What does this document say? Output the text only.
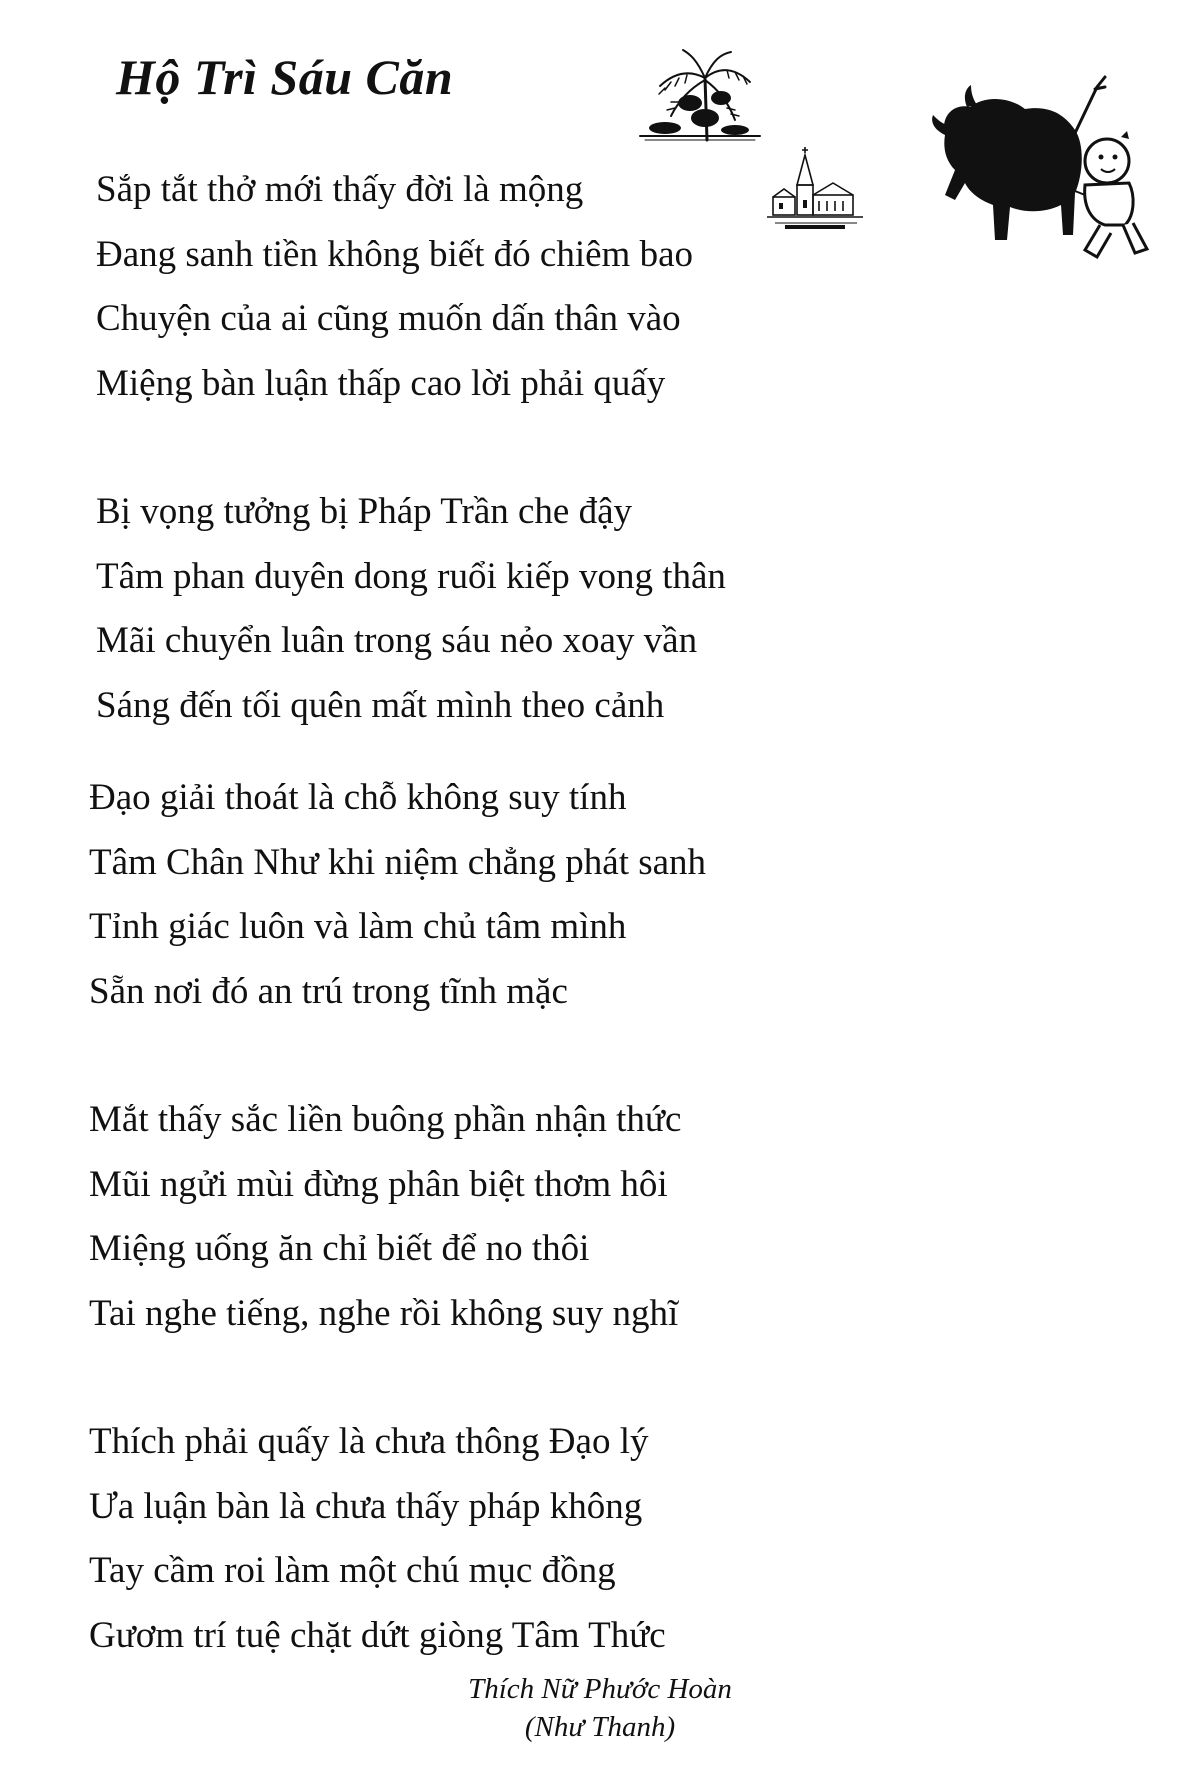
Hộ Trì Sáu Căn
Sắp tắt thở mới thấy đời là mộng
Đang sanh tiền không biết đó chiêm bao
Chuyện của ai cũng muốn dấn thân vào
Miệng bàn luận thấp cao lời phải quấy
Bị vọng tưởng bị Pháp Trần che đậy
Tâm phan duyên dong ruổi kiếp vong thân
Mãi chuyển luân trong sáu nẻo xoay vần
Sáng đến tối quên mất mình theo cảnh
Đạo giải thoát là chỗ không suy tính
Tâm Chân Như khi niệm chẳng phát sanh
Tỉnh giác luôn và làm chủ tâm mình
Sẵn nơi đó an trú trong tĩnh mặc
Mắt thấy sắc liền buông phần nhận thức
Mũi ngửi mùi đừng phân biệt thơm hôi
Miệng uống ăn chỉ biết để no thôi
Tai nghe tiếng, nghe rồi không suy nghĩ
Thích phải quấy là chưa thông Đạo lý
Ưa luận bàn là chưa thấy pháp không
Tay cầm roi làm một chú mục đồng
Gươm trí tuệ chặt dứt giòng Tâm Thức
Thích Nữ Phước Hoàn
(Như Thanh)
